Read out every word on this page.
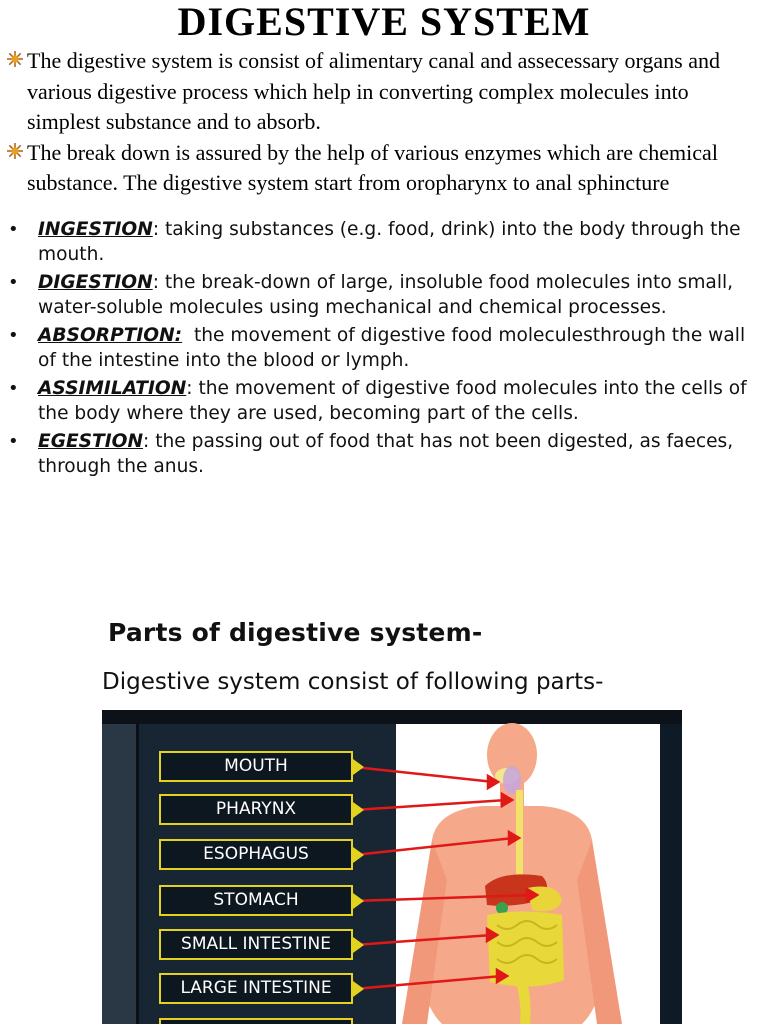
DIGESTIVE SYSTEM
The digestive system is consist of alimentary canal and assecessary organs and various digestive process which help in converting complex molecules into simplest substance and to absorb.
The break down is assured by the help of various enzymes which are chemical substance. The digestive system start from oropharynx to anal sphincture
• INGESTION: taking substances (e.g. food, drink) into the body through the mouth.
• DIGESTION: the break-down of large, insoluble food molecules into small, water-soluble molecules using mechanical and chemical processes.
• ABSORPTION: the movement of digestive food moleculesthrough the wall of the intestine into the blood or lymph.
• ASSIMILATION: the movement of digestive food molecules into the cells of the body where they are used, becoming part of the cells.
• EGESTION: the passing out of food that has not been digested, as faeces, through the anus.
Parts of digestive system-
Digestive system consist of following parts-
MOUTH
PHARYNX
ESOPHAGUS
STOMACH
SMALL INTESTINE
LARGE INTESTINE
